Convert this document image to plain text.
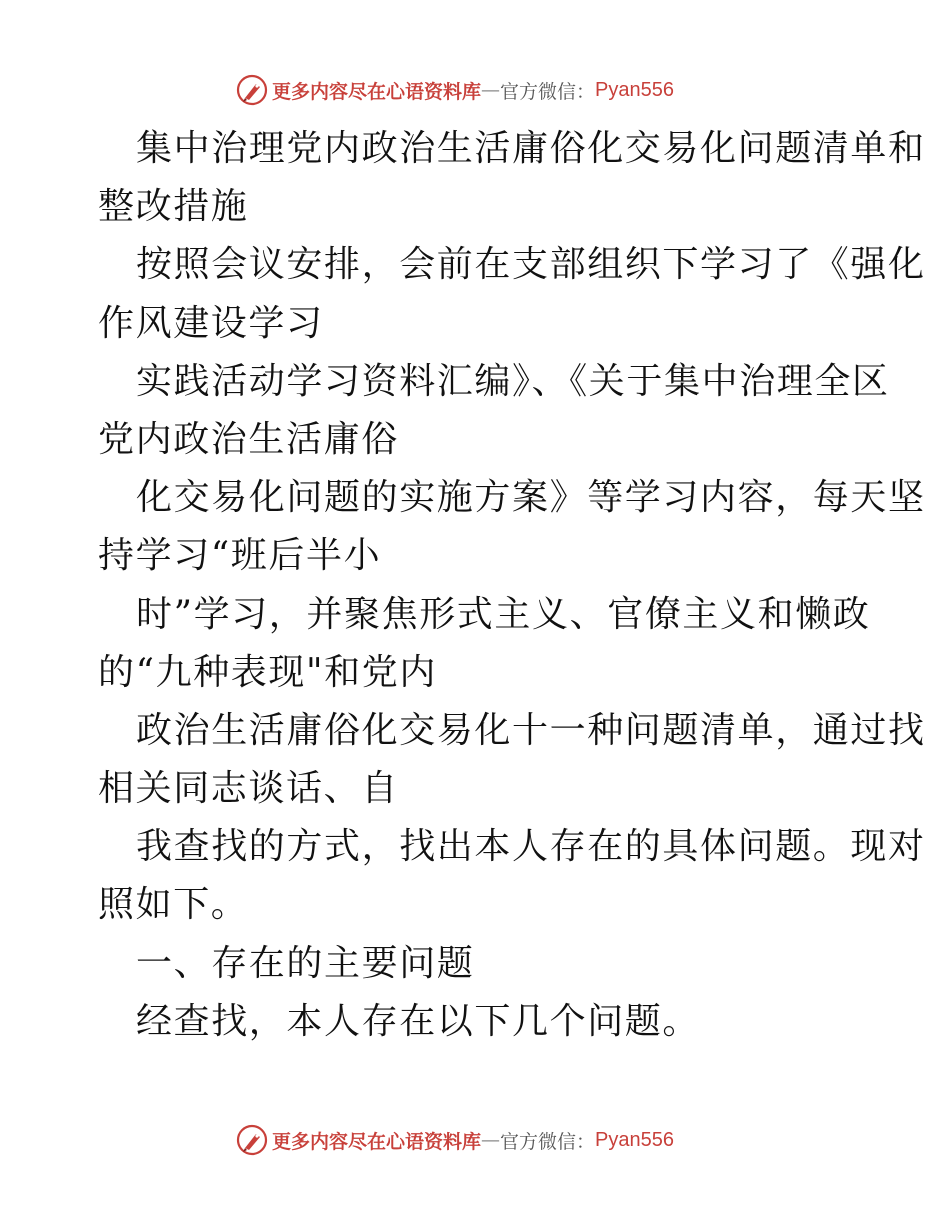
更多内容尽在心语资料库 — 官方微信： Pyan556
集中治理党内政治生活庸俗化交易化问题清单和
整改措施
按照会议安排，会前在支部组织下学习了《强化
作风建设学习
实践活动学习资料汇编》、《关于集中治理全区
党内政治生活庸俗
化交易化问题的实施方案》等学习内容，每天坚
持学习“班后半小
时”学习，并聚焦形式主义、官僚主义和懒政
的“九种表现"和党内
政治生活庸俗化交易化十一种问题清单，通过找
相关同志谈话、自
我查找的方式，找出本人存在的具体问题。现对
照如下。
一、存在的主要问题
经查找，本人存在以下几个问题。
更多内容尽在心语资料库 — 官方微信： Pyan556
